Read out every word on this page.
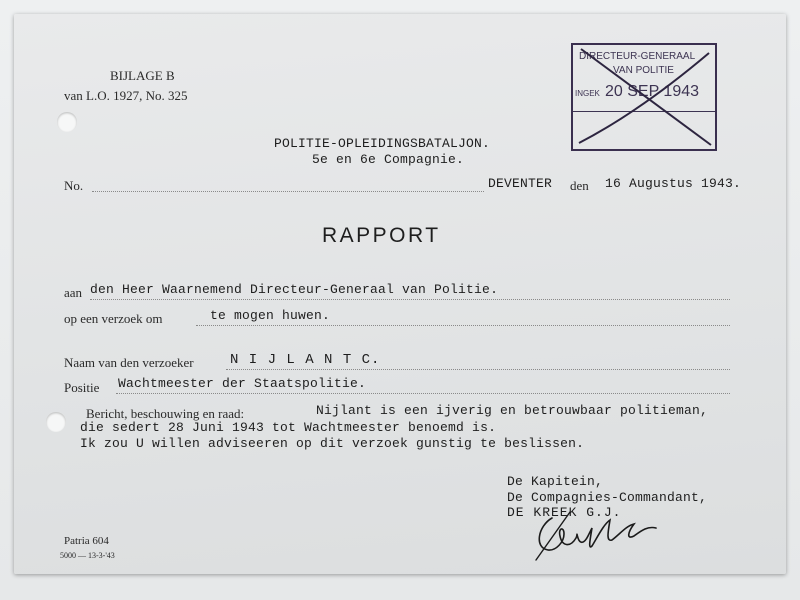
BIJLAGE B
van L.O. 1927, No. 325
DIRECTEUR-GENERAAL
VAN POLITIE
INGEK 20 SEP 1943
POLITIE-OPLEIDINGSBATALJON.
5e en 6e Compagnie.
No.	DEVENTER den 16 Augustus 1943.
RAPPORT
aan den Heer Waarnemend Directeur-Generaal van Politie.
op een verzoek om	te mogen huwen.
Naam van den verzoeker	N I J L A N T C.
Positie Wachtmeester der Staatspolitie.
Bericht, beschouwing en raad:	Nijlant is een ijverig en betrouwbaar politieman,
die sedert 28 Juni 1943 tot Wachtmeester benoemd is.
Ik zou U willen adviseeren op dit verzoek gunstig te beslissen.
De Kapitein,
De Compagnies-Commandant,
DE KREEK G.J.
Patria 604
5000 — 13-3-'43
